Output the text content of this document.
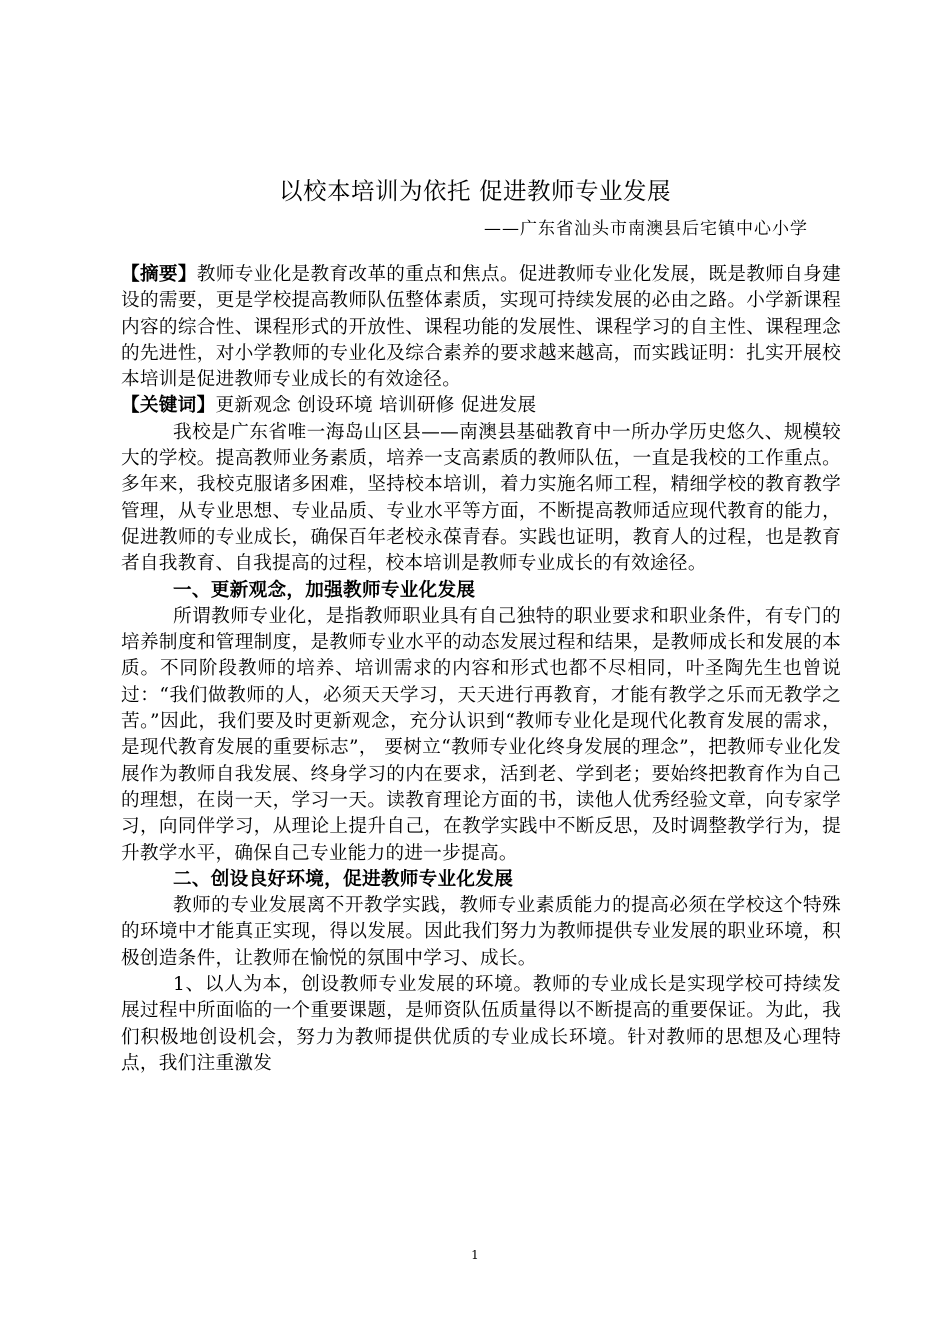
以校本培训为依托 促进教师专业发展
——广东省汕头市南澳县后宅镇中心小学

【摘要】教师专业化是教育改革的重点和焦点。促进教师专业化发展，既是教师自身建设的需要，更是学校提高教师队伍整体素质，实现可持续发展的必由之路。小学新课程内容的综合性、课程形式的开放性、课程功能的发展性、课程学习的自主性、课程理念的先进性，对小学教师的专业化及综合素养的要求越来越高，而实践证明：扎实开展校本培训是促进教师专业成长的有效途径。

【关键词】更新观念 创设环境 培训研修 促进发展

我校是广东省唯一海岛山区县——南澳县基础教育中一所办学历史悠久、规模较大的学校。提高教师业务素质，培养一支高素质的教师队伍，一直是我校的工作重点。多年来，我校克服诸多困难，坚持校本培训，着力实施名师工程，精细学校的教育教学管理，从专业思想、专业品质、专业水平等方面，不断提高教师适应现代教育的能力，促进教师的专业成长，确保百年老校永葆青春。实践也证明，教育人的过程，也是教育者自我教育、自我提高的过程，校本培训是教师专业成长的有效途径。

一、更新观念，加强教师专业化发展

所谓教师专业化，是指教师职业具有自己独特的职业要求和职业条件，有专门的培养制度和管理制度，是教师专业水平的动态发展过程和结果，是教师成长和发展的本质。不同阶段教师的培养、培训需求的内容和形式也都不尽相同，叶圣陶先生也曾说过：“我们做教师的人，必须天天学习，天天进行再教育，才能有教学之乐而无教学之苦。”因此，我们要及时更新观念，充分认识到“教师专业化是现代化教育发展的需求，是现代教育发展的重要标志”， 要树立“教师专业化终身发展的理念”，把教师专业化发展作为教师自我发展、终身学习的内在要求，活到老、学到老；要始终把教育作为自己的理想，在岗一天，学习一天。读教育理论方面的书，读他人优秀经验文章，向专家学习，向同伴学习，从理论上提升自己，在教学实践中不断反思，及时调整教学行为，提升教学水平，确保自己专业能力的进一步提高。

二、创设良好环境，促进教师专业化发展

教师的专业发展离不开教学实践，教师专业素质能力的提高必须在学校这个特殊的环境中才能真正实现，得以发展。因此我们努力为教师提供专业发展的职业环境，积极创造条件，让教师在愉悦的氛围中学习、成长。

1、以人为本，创设教师专业发展的环境。教师的专业成长是实现学校可持续发展过程中所面临的一个重要课题，是师资队伍质量得以不断提高的重要保证。为此，我们积极地创设机会，努力为教师提供优质的专业成长环境。针对教师的思想及心理特点，我们注重激发

1
